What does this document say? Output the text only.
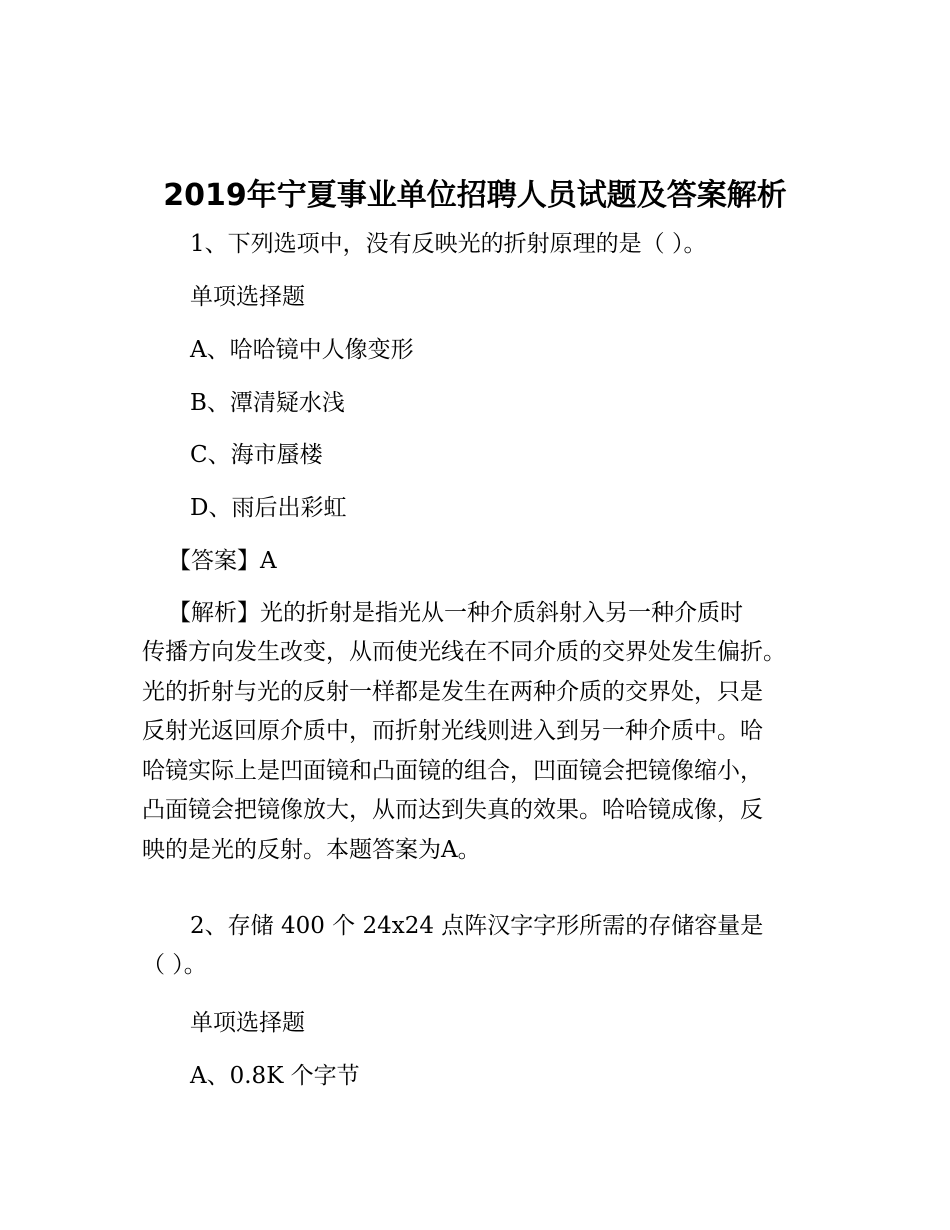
2019年宁夏事业单位招聘人员试题及答案解析
1、下列选项中，没有反映光的折射原理的是（ ）。
单项选择题
A、哈哈镜中人像变形
B、潭清疑水浅
C、海市蜃楼
D、雨后出彩虹
【答案】A
【解析】光的折射是指光从一种介质斜射入另一种介质时
传播方向发生改变，从而使光线在不同介质的交界处发生偏折。
光的折射与光的反射一样都是发生在两种介质的交界处，只是
反射光返回原介质中，而折射光线则进入到另一种介质中。哈
哈镜实际上是凹面镜和凸面镜的组合，凹面镜会把镜像缩小，
凸面镜会把镜像放大，从而达到失真的效果。哈哈镜成像，反
映的是光的反射。本题答案为A。
2、存储 400 个 24x24 点阵汉字字形所需的存储容量是
（ ）。
单项选择题
A、0.8K 个字节
